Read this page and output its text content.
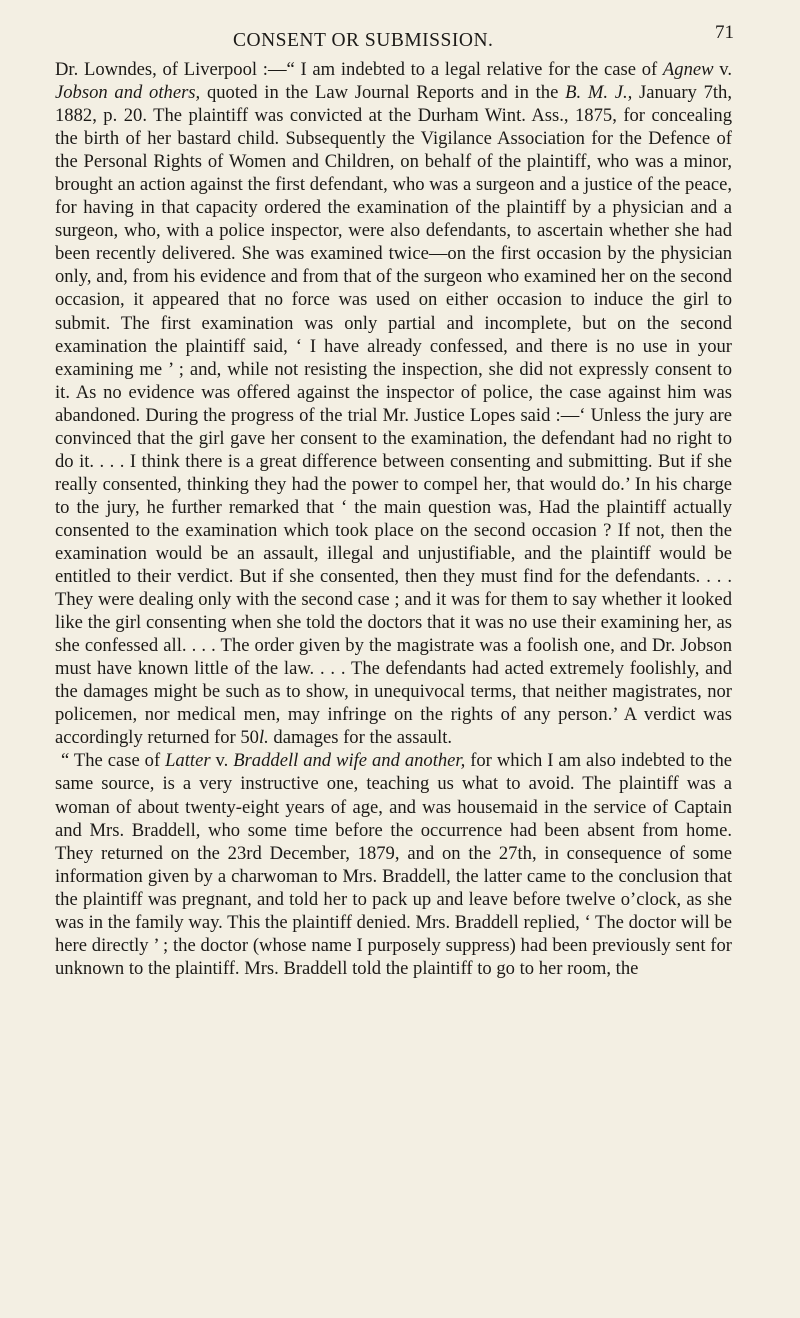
CONSENT OR SUBMISSION.	71

Dr. Lowndes, of Liverpool :—“ I am indebted to a legal relative for the case of Agnew v. Jobson and others, quoted in the Law Journal Reports and in the B. M. J., January 7th, 1882, p. 20. The plaintiff was convicted at the Durham Wint. Ass., 1875, for concealing the birth of her bastard child. Subsequently the Vigilance Association for the Defence of the Personal Rights of Women and Children, on behalf of the plaintiff, who was a minor, brought an action against the first defendant, who was a surgeon and a justice of the peace, for having in that capacity ordered the examination of the plaintiff by a physician and a surgeon, who, with a police inspector, were also defendants, to ascertain whether she had been recently delivered. She was examined twice—on the first occasion by the physician only, and, from his evidence and from that of the surgeon who examined her on the second occasion, it appeared that no force was used on either occasion to induce the girl to submit. The first examination was only partial and incomplete, but on the second examination the plaintiff said, ‘ I have already confessed, and there is no use in your examining me ’ ; and, while not resisting the inspection, she did not expressly consent to it. As no evidence was offered against the inspector of police, the case against him was abandoned. During the progress of the trial Mr. Justice Lopes said :—‘ Unless the jury are convinced that the girl gave her consent to the examination, the defendant had no right to do it. . . . I think there is a great difference between consenting and submitting. But if she really consented, thinking they had the power to compel her, that would do.’ In his charge to the jury, he further remarked that ‘ the main question was, Had the plaintiff actually consented to the examination which took place on the second occasion ? If not, then the examination would be an assault, illegal and unjustifiable, and the plaintiff would be entitled to their verdict. But if she consented, then they must find for the defendants. . . . They were dealing only with the second case ; and it was for them to say whether it looked like the girl consenting when she told the doctors that it was no use their examining her, as she confessed all. . . . The order given by the magistrate was a foolish one, and Dr. Jobson must have known little of the law. . . . The defendants had acted extremely foolishly, and the damages might be such as to show, in unequivocal terms, that neither magistrates, nor policemen, nor medical men, may infringe on the rights of any person.’ A verdict was accordingly returned for 50l. damages for the assault.

“ The case of Latter v. Braddell and wife and another, for which I am also indebted to the same source, is a very instructive one, teaching us what to avoid. The plaintiff was a woman of about twenty-eight years of age, and was housemaid in the service of Captain and Mrs. Braddell, who some time before the occurrence had been absent from home. They returned on the 23rd December, 1879, and on the 27th, in consequence of some information given by a charwoman to Mrs. Braddell, the latter came to the conclusion that the plaintiff was pregnant, and told her to pack up and leave before twelve o’clock, as she was in the family way. This the plaintiff denied. Mrs. Braddell replied, ‘ The doctor will be here directly ’ ; the doctor (whose name I purposely suppress) had been previously sent for unknown to the plaintiff. Mrs. Braddell told the plaintiff to go to her room, the
